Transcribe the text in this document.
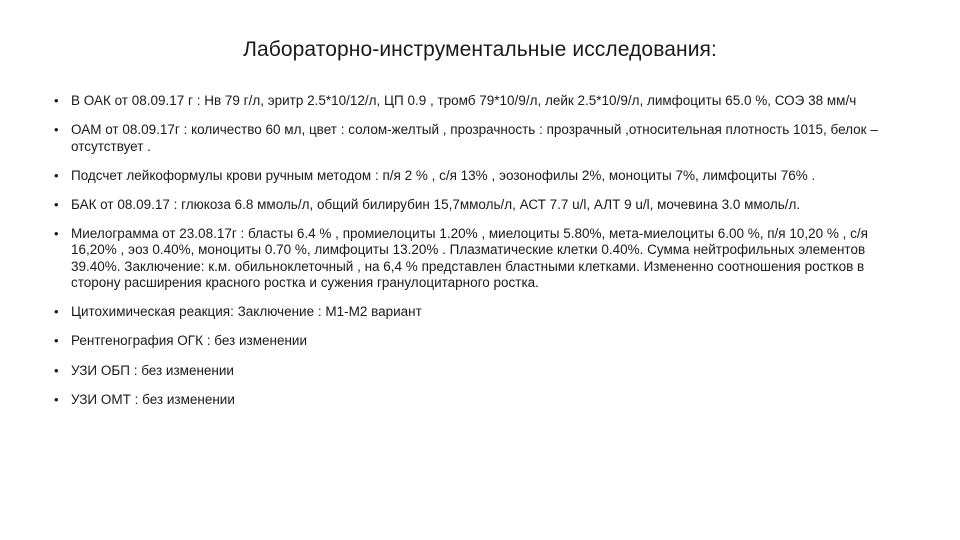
Лабораторно-инструментальные исследования:
• В ОАК от 08.09.17 г : Нв 79 г/л, эритр 2.5*10/12/л, ЦП 0.9 , тромб 79*10/9/л, лейк 2.5*10/9/л, лимфоциты 65.0 %, СОЭ 38 мм/ч
• ОАМ от 08.09.17г : количество 60 мл, цвет : солом-желтый , прозрачность : прозрачный ,относительная плотность 1015, белок – отсутствует .
• Подсчет лейкоформулы крови ручным методом : п/я 2 % , с/я 13% , эозонофилы 2%, моноциты 7%, лимфоциты 76% .
• БАК от 08.09.17 : глюкоза 6.8 ммоль/л, общий билирубин 15,7ммоль/л, АСТ 7.7 u/l, АЛТ 9 u/l, мочевина 3.0 ммоль/л.
• Миелограмма от 23.08.17г : бласты 6.4 % , промиелоциты 1.20% , миелоциты 5.80%, мета-миелоциты 6.00 %, п/я 10,20 % , с/я 16,20% , эоз 0.40%, моноциты 0.70 %, лимфоциты 13.20% . Плазматические клетки 0.40%. Сумма нейтрофильных элементов 39.40%. Заключение: к.м. обильноклеточный , на 6,4 % представлен бластными клетками. Измененно соотношения ростков в сторону расширения красного ростка и сужения гранулоцитарного ростка.
• Цитохимическая реакция: Заключение : М1-М2 вариант
• Рентгенография ОГК : без изменении
• УЗИ ОБП : без изменении
• УЗИ ОМТ : без изменении
